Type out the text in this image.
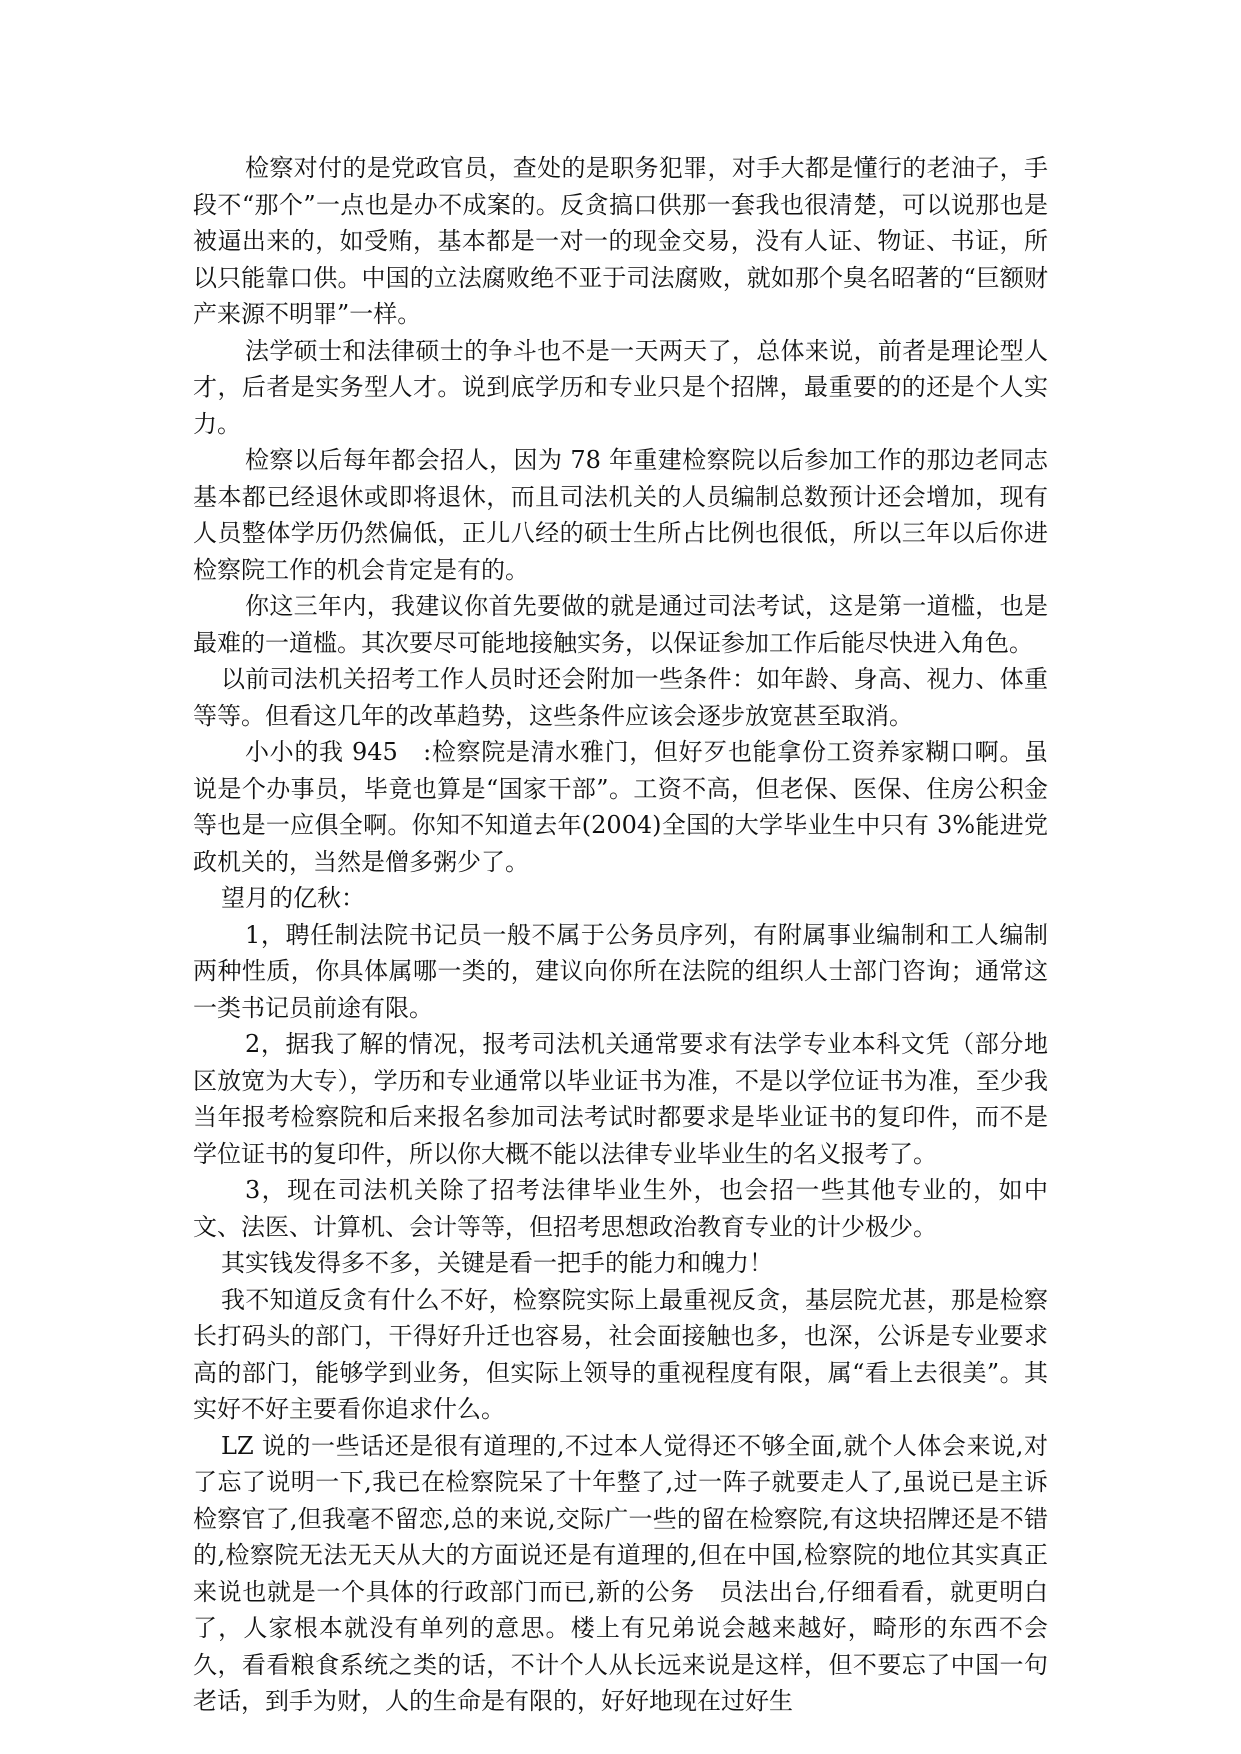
检察对付的是党政官员，查处的是职务犯罪，对手大都是懂行的老油子，手段不“那个”一点也是办不成案的。反贪搞口供那一套我也很清楚，可以说那也是被逼出来的，如受贿，基本都是一对一的现金交易，没有人证、物证、书证，所以只能靠口供。中国的立法腐败绝不亚于司法腐败，就如那个臭名昭著的“巨额财产来源不明罪”一样。

法学硕士和法律硕士的争斗也不是一天两天了，总体来说，前者是理论型人才，后者是实务型人才。说到底学历和专业只是个招牌，最重要的的还是个人实力。

检察以后每年都会招人，因为 78 年重建检察院以后参加工作的那边老同志基本都已经退休或即将退休，而且司法机关的人员编制总数预计还会增加，现有人员整体学历仍然偏低，正儿八经的硕士生所占比例也很低，所以三年以后你进检察院工作的机会肯定是有的。

你这三年内，我建议你首先要做的就是通过司法考试，这是第一道槛，也是最难的一道槛。其次要尽可能地接触实务，以保证参加工作后能尽快进入角色。

以前司法机关招考工作人员时还会附加一些条件：如年龄、身高、视力、体重等等。但看这几年的改革趋势，这些条件应该会逐步放宽甚至取消。

小小的我 945　:检察院是清水雅门，但好歹也能拿份工资养家糊口啊。虽说是个办事员，毕竟也算是“国家干部”。工资不高，但老保、医保、住房公积金等也是一应俱全啊。你知不知道去年(2004)全国的大学毕业生中只有 3%能进党政机关的，当然是僧多粥少了。

望月的亿秋：

1，聘任制法院书记员一般不属于公务员序列，有附属事业编制和工人编制两种性质，你具体属哪一类的，建议向你所在法院的组织人士部门咨询；通常这一类书记员前途有限。

2，据我了解的情况，报考司法机关通常要求有法学专业本科文凭（部分地区放宽为大专），学历和专业通常以毕业证书为准，不是以学位证书为准，至少我当年报考检察院和后来报名参加司法考试时都要求是毕业证书的复印件，而不是学位证书的复印件，所以你大概不能以法律专业毕业生的名义报考了。

3，现在司法机关除了招考法律毕业生外，也会招一些其他专业的，如中文、法医、计算机、会计等等，但招考思想政治教育专业的计少极少。

其实钱发得多不多，关键是看一把手的能力和魄力！

我不知道反贪有什么不好，检察院实际上最重视反贪，基层院尤甚，那是检察长打码头的部门，干得好升迁也容易，社会面接触也多，也深，公诉是专业要求高的部门，能够学到业务，但实际上领导的重视程度有限，属“看上去很美”。其实好不好主要看你追求什么。

LZ 说的一些话还是很有道理的,不过本人觉得还不够全面,就个人体会来说,对了忘了说明一下,我已在检察院呆了十年整了,过一阵子就要走人了,虽说已是主诉检察官了,但我毫不留恋,总的来说,交际广一些的留在检察院,有这块招牌还是不错的,检察院无法无天从大的方面说还是有道理的,但在中国,检察院的地位其实真正来说也就是一个具体的行政部门而已,新的公务　员法出台,仔细看看，就更明白了，人家根本就没有单列的意思。楼上有兄弟说会越来越好，畸形的东西不会久，看看粮食系统之类的话，不计个人从长远来说是这样，但不要忘了中国一句老话，到手为财，人的生命是有限的，好好地现在过好生
